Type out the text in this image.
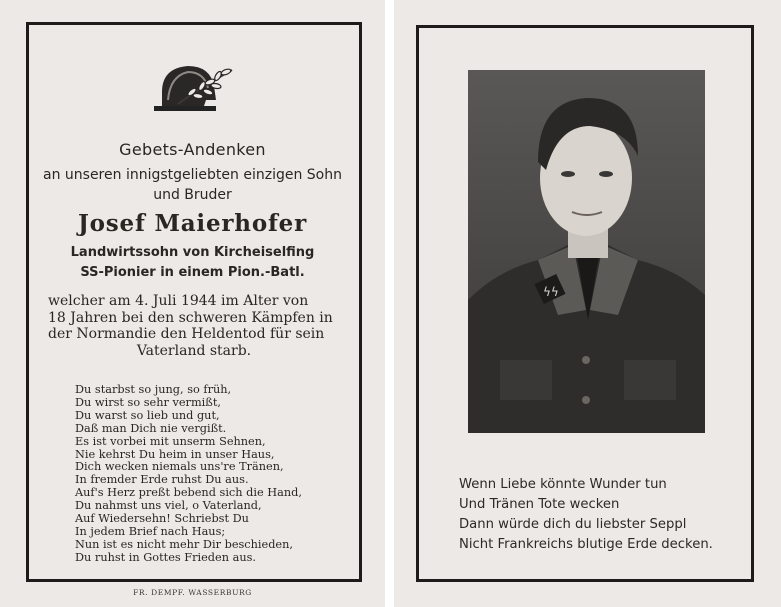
Gebets-Andenken
an unseren innigstgeliebten einzigen Sohn
und Bruder
Josef Maierhofer
Landwirtssohn von Kircheiselfing
SS-Pionier in einem Pion.-Batl.
welcher am 4. Juli 1944 im Alter von
18 Jahren bei den schweren Kämpfen in
der Normandie den Heldentod für sein
Vaterland starb.
Du starbst so jung, so früh,
Du wirst so sehr vermißt,
Du warst so lieb und gut,
Daß man Dich nie vergißt.
Es ist vorbei mit unserm Sehnen,
Nie kehrst Du heim in unser Haus,
Dich wecken niemals uns're Tränen,
In fremder Erde ruhst Du aus.
Auf's Herz preßt bebend sich die Hand,
Du nahmst uns viel, o Vaterland,
Auf Wiedersehn! Schriebst Du
In jedem Brief nach Haus;
Nun ist es nicht mehr Dir beschieden,
Du ruhst in Gottes Frieden aus.
FR. DEMPF. WASSERBURG
ϟϟ
Wenn Liebe könnte Wunder tun
Und Tränen Tote wecken
Dann würde dich du liebster Seppl
Nicht Frankreichs blutige Erde decken.
